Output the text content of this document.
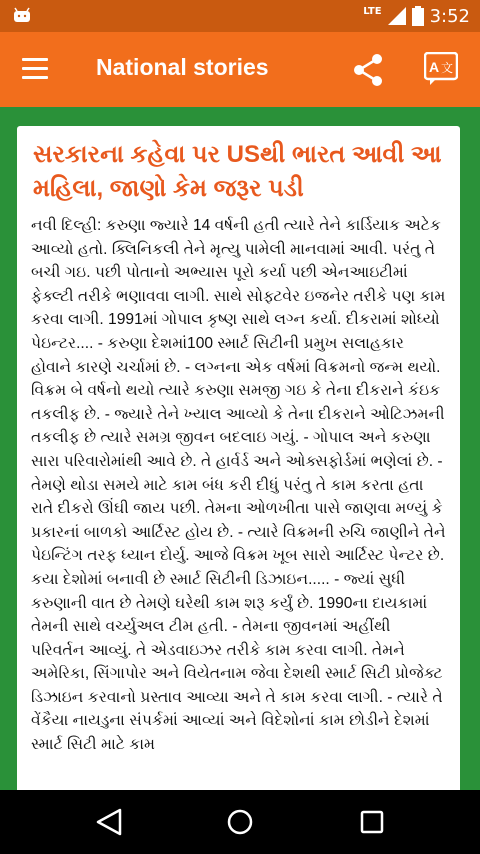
LTE	3:52
National stories	A 文
સરકારના કહેવા પર USથી ભારત આવી આ મહિલા, જાણો કેમ જરૂર પડી
નવી દિલ્હી: કરુણા જ્યારે 14 વર્ષની હતી ત્યારે તેને કાર્ડિયાક અટેક આવ્યો હતો. ક્લિનિકલી તેને મૃત્યુ પામેલી માનવામાં આવી. પરંતુ તે બચી ગઇ. પછી પોતાનો અભ્યાસ પૂરો કર્યા પછી એનઆઇટીમાં ફેક્લ્ટી તરીકે ભણાવવા લાગી. સાથે સોફ્ટવેર ઇજનેર તરીકે પણ કામ કરવા લાગી. 1991માં ગોપાલ કૃષ્ણ સાથે લગ્ન કર્યા. દીકરામાં શોધ્યો પેઇન્ટર.... - કરુણા દેશમાં100 સ્માર્ટ સિટીની પ્રમુખ સલાહકાર હોવાને કારણે ચર્ચામાં છે. - લગ્નના એક વર્ષમાં વિક્રમનો જન્મ થયો. વિક્રમ બે વર્ષનો થયો ત્યારે કરુણા સમજી ગઇ કે તેના દીકરાને કંઇક તકલીફ છે. - જ્યારે તેને ખ્યાલ આવ્યો કે તેના દીકરાને ઓટિઝમની તકલીફ છે ત્યારે સમગ્ર જીવન બદલાઇ ગયું. - ગોપાલ અને કરુણા સારા પરિવારોમાંથી આવે છે. તે હાર્વર્ડ અને ઓક્સફોર્ડમાં ભણેલાં છે. - તેમણે થોડા સમયે માટે કામ બંધ કરી દીધું પરંતુ તે કામ કરતા હતા રાતે દીકરો ઊંઘી જાય પછી. તેમના ઓળખીતા પાસે જાણવા મળ્યું કે પ્રકારનાં બાળકો આર્ટિસ્ટ હોય છે. - ત્યારે વિક્રમની રુચિ જાણીને તેને પેઇન્ટિંગ તરફ ધ્યાન દોર્યુ. આજે વિક્રમ ખૂબ સારો આર્ટિસ્ટ પેન્ટર છે. કયા દેશોમાં બનાવી છે સ્માર્ટ સિટીની ડિઝાઇન..... - જ્યાં સુધી કરુણાની વાત છે તેમણે ઘરેથી કામ શરૂ કર્યું છે. 1990ના દાયકામાં તેમની સાથે વર્ચ્યુઅલ ટીમ હતી. - તેમના જીવનમાં અહીંથી પરિવર્તન આવ્યું. તે એડવાઇઝર તરીકે કામ કરવા લાગી. તેમને અમેરિકા, સિંગાપોર અને વિયેતનામ જેવા દેશથી સ્માર્ટ સિટી પ્રોજેક્ટ ડિઝાઇન કરવાનો પ્રસ્તાવ આવ્યા અને તે કામ કરવા લાગી. - ત્યારે તે વેંકૈયા નાયડુના સંપર્કમાં આવ્યાં અને વિદેશોનાં કામ છોડીને દેશમાં સ્માર્ટ સિટી માટે કામ
